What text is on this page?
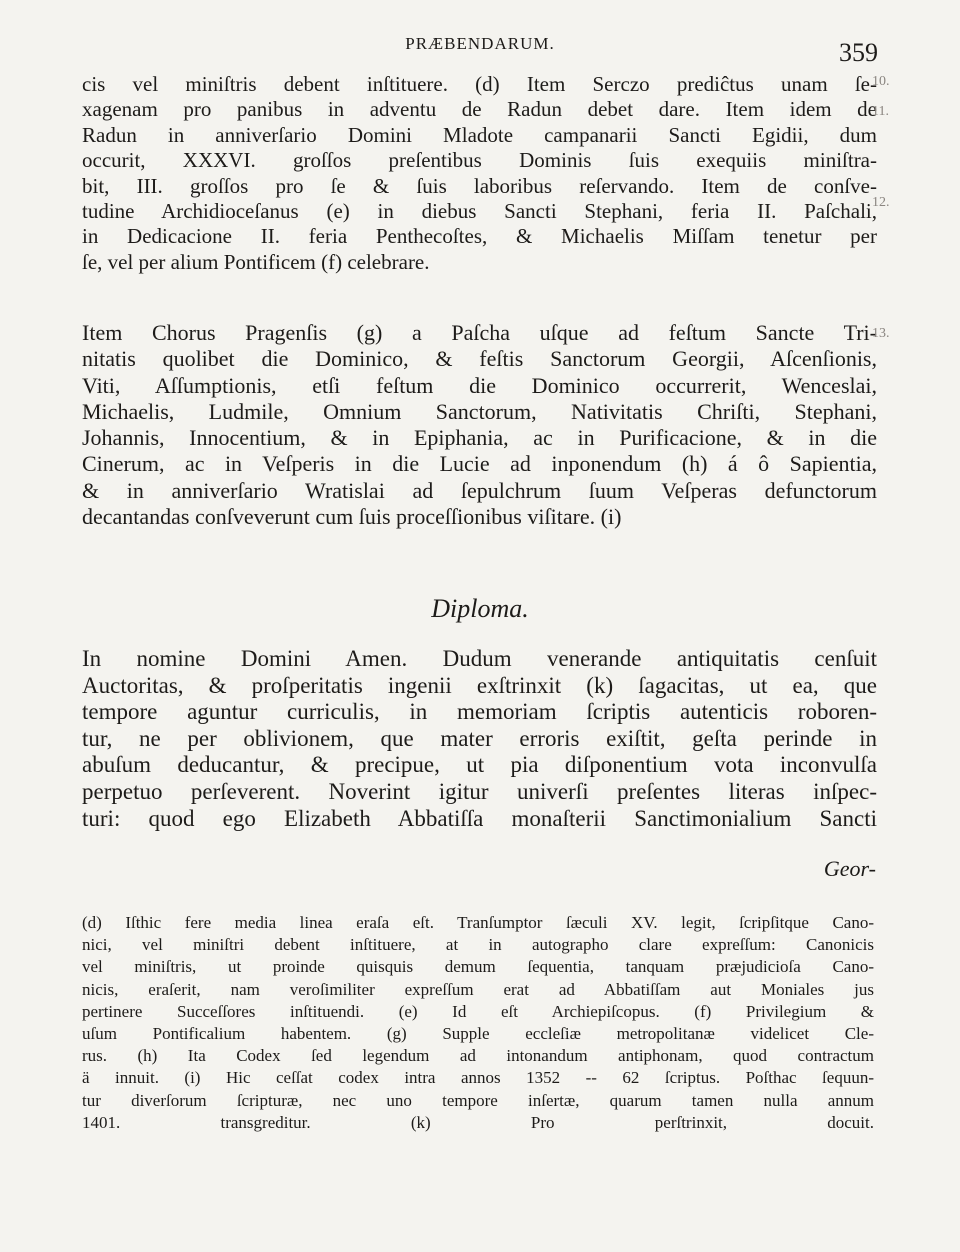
PRÆBENDARUM.	359
cis vel miniſtris debent inſtituere. (d) Item Serczo prediĉtus unam ſe-
xagenam pro panibus in adventu de Radun debet dare. Item idem de
Radun in anniverſario Domini Mladote campanarii Sancti Egidii, dum
occurit, XXXVI. groſſos preſentibus Dominis ſuis exequiis miniſtra-
bit, III. groſſos pro ſe & ſuis laboribus reſervando. Item de conſve-
tudine Archidioceſanus (e) in diebus Sancti Stephani, feria II. Paſchali,
in Dedicacione II. feria Penthecoſtes, & Michaelis Miſſam tenetur per
ſe, vel per alium Pontificem (f) celebrare.
Item Chorus Pragenſis (g) a Paſcha uſque ad feſtum Sancte Tri-
nitatis quolibet die Dominico, & feſtis Sanctorum Georgii, Aſcenſionis,
Viti, Aſſumptionis, etſi feſtum die Dominico occurrerit, Wenceslai,
Michaelis, Ludmile, Omnium Sanctorum, Nativitatis Chriſti, Stephani,
Johannis, Innocentium, & in Epiphania, ac in Purificacione, & in die
Cinerum, ac in Veſperis in die Lucie ad inponendum (h) á ô Sapientia,
& in anniverſario Wratislai ad ſepulchrum ſuum Veſperas defunctorum
decantandas conſveverunt cum ſuis proceſſionibus viſitare. (i)
Diploma.
In nomine Domini Amen. Dudum venerande antiquitatis cenſuit
Auctoritas, & proſperitatis ingenii exſtrinxit (k) ſagacitas, ut ea, que
tempore aguntur curriculis, in memoriam ſcriptis autenticis roboren-
tur, ne per oblivionem, que mater erroris exiſtit, geſta perinde in
abuſum deducantur, & precipue, ut pia diſponentium vota inconvulſa
perpetuo perſeverent. Noverint igitur univerſi preſentes literas inſpec-
turi: quod ego Elizabeth Abbatiſſa monaſterii Sanctimonialium Sancti
Geor-
(d) Iſthic fere media linea eraſa eſt. Tranſumptor ſæculi XV. legit, ſcripſitque Cano-
nici, vel miniſtri debent inſtituere, at in autographo clare expreſſum: Canonicis
vel miniſtris, ut proinde quisquis demum ſequentia, tanquam præjudicioſa Cano-
nicis, eraſerit, nam veroſimiliter expreſſum erat ad Abbatiſſam aut Moniales jus
pertinere Succeſſores inſtituendi. (e) Id eſt Archiepiſcopus. (f) Privilegium &
uſum Pontificalium habentem. (g) Supple eccleſiæ metropolitanæ videlicet Cle-
rus. (h) Ita Codex ſed legendum ad intonandum antiphonam, quod contractum
ä innuit. (i) Hic ceſſat codex intra annos 1352 -- 62 ſcriptus. Poſthac ſequun-
tur diverſorum ſcripturæ, nec uno tempore inſertæ, quarum tamen nulla annum
1401. transgreditur. (k) Pro perſtrinxit, docuit.
10.
11.
12.
13.
